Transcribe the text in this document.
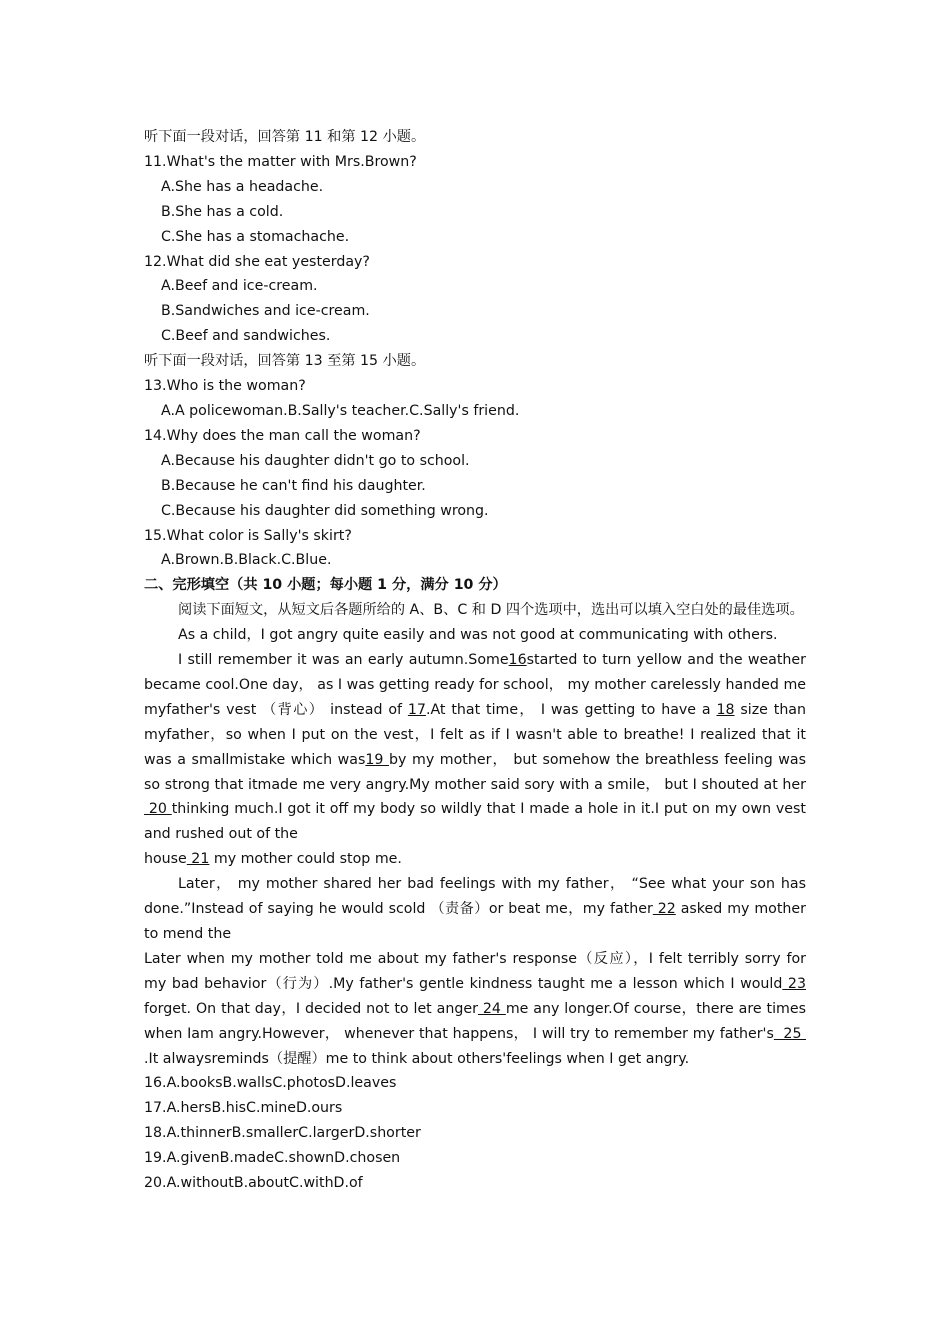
听下面一段对话，回答第 11 和第 12 小题。
11.What's the matter with Mrs.Brown?
A.She has a headache.
B.She has a cold.
C.She has a stomachache.
12.What did she eat yesterday?
A.Beef and ice-cream.
B.Sandwiches and ice-cream.
C.Beef and sandwiches.
听下面一段对话，回答第 13 至第 15 小题。
13.Who is the woman?
A.A policewoman.B.Sally's teacher.C.Sally's friend.
14.Why does the man call the woman?
A.Because his daughter didn't go to school.
B.Because he can't find his daughter.
C.Because his daughter did something wrong.
15.What color is Sally's skirt?
A.Brown.B.Black.C.Blue.
二、完形填空（共 10 小题；每小题 1 分，满分 10 分）
阅读下面短文，从短文后各题所给的 A、B、C 和 D 四个选项中，选出可以填入空白处的最佳选项。
As a child，I got angry quite easily and was not good at communicating with others.
I still remember it was an early autumn.Some16started to turn yellow and the weather became cool.One day， as I was getting ready for school， my mother carelessly handed me myfather's vest （背心） instead of 17.At that time， I was getting to have a 18 size than myfather，so when I put on the vest，I felt as if I wasn't able to breathe! I realized that it was a smallmistake which was19 by my mother， but somehow the breathless feeling was so strong that itmade me very angry.My mother said sory with a smile， but I shouted at her 20 thinking much.I got it off my body so wildly that I made a hole in it.I put on my own vest and rushed out of the
house 21 my mother could stop me.
Later， my mother shared her bad feelings with my father， “See what your son has done.”Instead of saying he would scold （责备）or beat me，my father 22 asked my mother to mend the
Later when my mother told me about my father's response（反应），I felt terribly sorry for my bad behavior（行为）.My father's gentle kindness taught me a lesson which I would 23 forget. On that day，I decided not to let anger 24 me any longer.Of course，there are times when Iam angry.However， whenever that happens， I will try to remember my father's  25  .It alwaysreminds（提醒）me to think about others'feelings when I get angry.
16.A.booksB.wallsC.photosD.leaves
17.A.hersB.hisC.mineD.ours
18.A.thinnerB.smallerC.largerD.shorter
19.A.givenB.madeC.shownD.chosen
20.A.withoutB.aboutC.withD.of
